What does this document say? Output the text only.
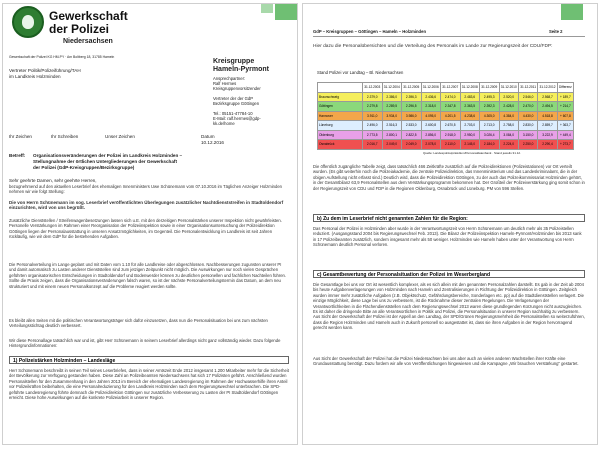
Gewerkschaft
der Polizei
Niedersachsen
Gewerkschaft der Polizei KG HM-PY · Am Boltberg 18, 31785 Hameln
Vertreter Politik/Polizeiführung/TAH
im Landkreis Holzminden
Kreisgruppe
Hameln-Pyrmont
Ansprechpartner:
Ralf Hermes
Kreisgruppenvorsitzender
Vertreter der der GdP
Bezirksgruppe Göttingen
Tel.: 05151-47784-10
E-Mail: ralf.hermes@gdp-
kk.de/home
Ihr Zeichen	Ihr Schreiben	Unser Zeichen	Datum
10.12.2016
Betreff: Organisationsveränderungen der Polizei im Landkreis Holzminden –
Stellungnahme der örtlichen Untergliederungen der Gewerkschaft
der Polizei (GdP-Kreisgruppen/Bezirksgruppe)
Sehr geehrte Damen, sehr geehrte Herren,
bezugnehmend auf den aktuellen Leserbrief des ehemaligen Innenministers Uwe Schünemann vom 07.10.2016 im Täglichen Anzeiger Holzminden nehmen wir wie folgt Stellung:
Die von Herrn Schünemann im sog. Leserbrief veröffentlichten Überlegungen zusätzlicher Nachtdienststreifen in Stadtoldendorf einzurichten, wird von uns begrüßt.
Zusätzliche Dienststellen / Streifenwagenbesetzungen lassen sich u.E. mit den derzeitigen Personalstärken unserer Inspektion nicht gewährleisten. Personelle Verstärkungen im Rahmen einer Reorganisation der Polizeiinspektion sowie in einer Organisationsuntersuchung der Polizeidirektion Göttingen liegen der Personalausstattung in unseren Ansatzmöglichkeiten, im Gegenteil. Die Personalentwicklung im Landkreis ist seit Jahren rückläufig, wie wir dem GdP für die bestehenden Aufgaben.
Die Personalverteilung im Lange geplant und mit Daten vom 1.10 für alle Landkreise oder abgeschlossen. Nachbesserungen zugunsten unserer PI und damit automatisch zu Lasten anderer Dienststellen sind zum jetzigen Zeitpunkt nicht möglich. Die Auswirkungen nur noch vielen Gesprächen geführten organisatorischen Entscheidungen in Stadtoldendorf und Bodenwerder können zu deutlichen personellen und fachlichen Nachteilen führen. Sollte die Praxis zeigen, dass die Organisationsveränderungen falsch waren, so ist der nächste Personalverteilungstermin das Datum, an dem neu strukturiert und mit einem neuen Personalkonzept auf die Probleme reagiert werden sollte.
Es bleibt allen Seiten mit die politischen Verantwortungsträger sich dafür einzusetzen, dass nun die Personalsituation bei uns zum nächsten Verteilungsstichtag deutlich verbessert.
Wir diese Personallage tatsächlich war und ist, gibt Herr Schünemann in seinem Leserbrief allerdings nicht ganz vollständig wieder. Dazu folgende Hintergrundinformationen:
1) Polizeistärken Holzminden – Landesläge
Herr Schünemann beschreibt in seinen Teil seines Leserbriefes, dass in seiner Amtszeit Ende 2012 insgesamt 1.200 Mitarbeiter mehr für die Sicherheit der Bevölkerung zur Verfügung gestanden haben. Diese Zahl an Polizeibeamten Niedersachsens hat sich 17 Polizisten geführt. Anschließend wurden Personalstellen für den Zusammenhang in den Jahren 2013 im Bereich der ehemaligen Landesregierung im Rahmen der Hochwasserhilfe ihren Anteil vor Polizeikräften beibehalten, die eine Personalreduzierung für den Landkreis Holzminden nach dem Regierungswechsel unterbrachen. Die SPD-geführte Landesregierung führte demnach die Polizeidirektion Göttingen nur zusätzliche Verbesserung zu Lasten der PI Stadtoldendorf Göttingen erreicht. Diese hohe Auswirkungen auf die konkrete Polizeiarbeit in unserer Region.
GdP – Kreisgruppen – Göttingen – Hameln – Holzminden	Seite 2
Hier dazu die Personalübersichten und die Verteilung des Personals im Lande zur Regierungszeit der CDU/FDP:
Stand Polizei vor Landtag – Bl. Niedersachsen
	31.12.2003	31.12.2004	31.12.2005	31.12.2006	31.12.2007	31.12.2008	31.12.2009	31.12.2010	31.12.2011	31.12.2012	Differenz
Braunschweig	2.379,0	2.386,0	2.396,3	2.436,6	2.474,0	2.483,6	2.495,3	2.520,0	2.546,0	2.568,7	+ 189,7
Göttingen	2.279,8	2.289,5	2.296,5	2.318,0	2.347,8	2.363,5	2.392,3	2.428,0	2.470,0	2.494,5	+ 214,7
Hannover	3.911,0	3.934,0	3.986,0	4.095,0	4.201,5	4.238,6	4.305,0	4.384,0	4.430,0	4.518,8	+ 607,8
Lüneburg	2.496,0	2.516,3	2.533,0	2.600,8	2.670,5	2.703,0	2.713,0	2.758,0	2.830,0	2.859,7	+ 363,7
Oldenburg	2.773,5	2.800,1	2.822,5	2.856,0	2.918,0	2.950,0	3.026,4	3.084,0	3.150,0	3.222,9	+ 449,4
Osnabrück	2.016,7	2.049,0	2.049,0	2.078,0	2.110,0	2.145,0	2.184,0	2.224,0	2.250,0	2.290,4	+ 273,7
Quelle: Landespolizeipräsidium/Personaldatenbank · Stand jeweils 31.12.
Die öffentlich zugängliche Tabelle zeigt, dass tatsächlich 466 Zeitkräfte zusätzlich auf die Polizeidirektionen (Polizeistationen) vor Ort verteilt wurden. (Es gibt weiterhin noch die Polizeiakademie, die zentrale Polizeidirektion, das Innenministerium und das Landeskriminalamt, die in der obigen Aufstellung nicht erfasst sind.) Deutlich wird, dass die Polizeidirektion Göttingen, zu der auch das Polizeikommissariat Holzminden gehört, in der Gesamtbilanz 63,9 Personalstellen aus dem Verstärkungsprogramm bekommen hat. Der Großteil der Polizeiverstärkung ging somit schon in der Regierungszeit von CDU und FDP in die Regionen Oldenburg, Osnabrück und Lüneburg. PM von 596 Stellen.
b) Zu dem im Leserbrief nicht genannten Zahlen für die Region:
Das Personal der Polizei in Holzminden aber wurde in der Verantwortungszeit von Herrn Schünemann um deutlich mehr als 35 Polizeistellen reduziert. (Ausgangsstand 2004 bis Regierungswechsel Feb. 2013). Die Bilanz der Polizeiinspektion Hameln-Pyrmont/Holzminden bis 2013 sank in 17 Polizeibeamten zusätzlich, sondern insgesamt mehr als 50 weniger. Holzminden wie Hameln haben unter der Verantwortung von Herrn Schünemann deutlich Personal verloren.
c) Gesamtbewertung der Personalsituation der Polizei im Weserbergland
Die Gesamtlage bei uns vor Ort ist wesentlich komplexer, als es sich allein mit den genannten Personalzahlen darstellt. Es gab in der Zeit ab 2004 bis heute Aufgabenverlagerungen von Holzminden nach Hameln und Zentralisierungen in Richtung der Polizeidirektion in Göttingen. Zeitgleich wurden immer mehr zusätzliche Aufgaben (z.B. Objektschutz, Gefährdungsbereiche, Sonderlagen etc. pp) auf die Stadtdienststellen verlagert. Die einzige Möglichkeit, diese Lage bei uns zu verbessern, ist die Rücknahme dieser zentralen Regelungen. Die Verlagerungen der Verantwortlichkeiten in die Flächendienststellen nach dem Regierungswechsel 2013 waren diese grundlegenden Kürzungen nicht auszugleichen. Es ist daher die dringende Bitte an alle Verantwortlichen in Politik und Polizei, die Personalsituation in unserer Region nachhaltig zu verbessern. Aus Sicht der Gewerkschaft der Polizei ist der Appell an den Landtag, der SPD/Grünen Regierungsmehrheit die Personalstellen so weiterzuführen, dass die Region Holzminden und Hameln auch in Zukunft personell so ausgestattet ist, dass sie ihren Aufgaben in der Region hervorragend gerecht werden kann.
Aus Sicht der Gewerkschaft der Polizei hat die Polizei Niedersachsen bei uns aber auch an vielen anderen Wachstellen ihrer Kräfte eine Grundausstattung benötigt. Dazu fordern wir alle von Veröffentlichungen hingewiesen und die Kampagne „Wir brauchen Verstärkung“ gestartet.
